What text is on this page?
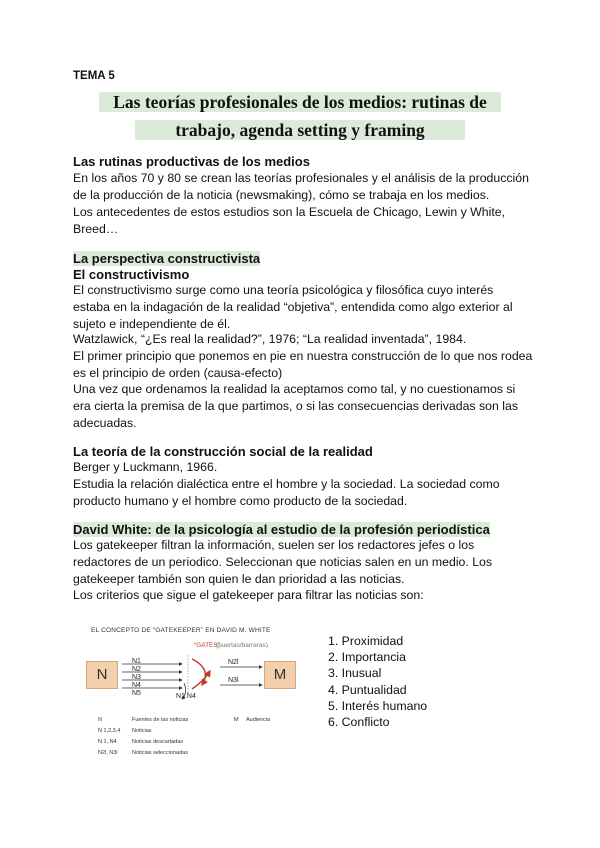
TEMA 5
Las teorías profesionales de los medios: rutinas de
trabajo, agenda setting y framing
Las rutinas productivas de los medios

En los años 70 y 80 se crean las teorías profesionales y el análisis de la producción de la producción de la noticia (newsmaking), cómo se trabaja en los medios.

Los antecedentes de estos estudios son la Escuela de Chicago, Lewin y White, Breed…

La perspectiva constructivista
El constructivismo

El constructivismo surge como una teoría psicológica y filosófica cuyo interés estaba en la indagación de la realidad “objetiva”, entendida como algo exterior al sujeto e independiente de él.

Watzlawick, “¿Es real la realidad?”, 1976; “La realidad inventada”, 1984.

El primer principio que ponemos en pie en nuestra construcción de lo que nos rodea es el principio de orden (causa-efecto)

Una vez que ordenamos la realidad la aceptamos como tal, y no cuestionamos si era cierta la premisa de la que partimos, o si las consecuencias derivadas son las adecuadas.

La teoría de la construcción social de la realidad

Berger y Luckmann, 1966.

Estudia la relación dialéctica entre el hombre y la sociedad. La sociedad como producto humano y el hombre como producto de la sociedad.

David White: de la psicología al estudio de la profesión periodística

Los gatekeeper filtran la información, suelen ser los redactores jefes o los redactores de un periodico. Seleccionan que noticias salen en un medio. Los gatekeeper también son quien le dan prioridad a las noticias.

Los criterios que sigue el gatekeeper para filtrar las noticias son:

EL CONCEPTO DE “GATEKEEPER” EN DAVID M. WHITE
“GATES”
(puertas/barreras)
N	M
N1
N2
N3
N4
N5	N1 N4
N2l
N3l
N	Fuentes de las noticias
N 1,2,3,4 Noticias
N 1, N4	Noticias descartadas
N2l, N3l	Noticias seleccionadas
M Audiencia
1. Proximidad
2. Importancia
3. Inusual
4. Puntualidad
5. Interés humano
6. Conflicto
